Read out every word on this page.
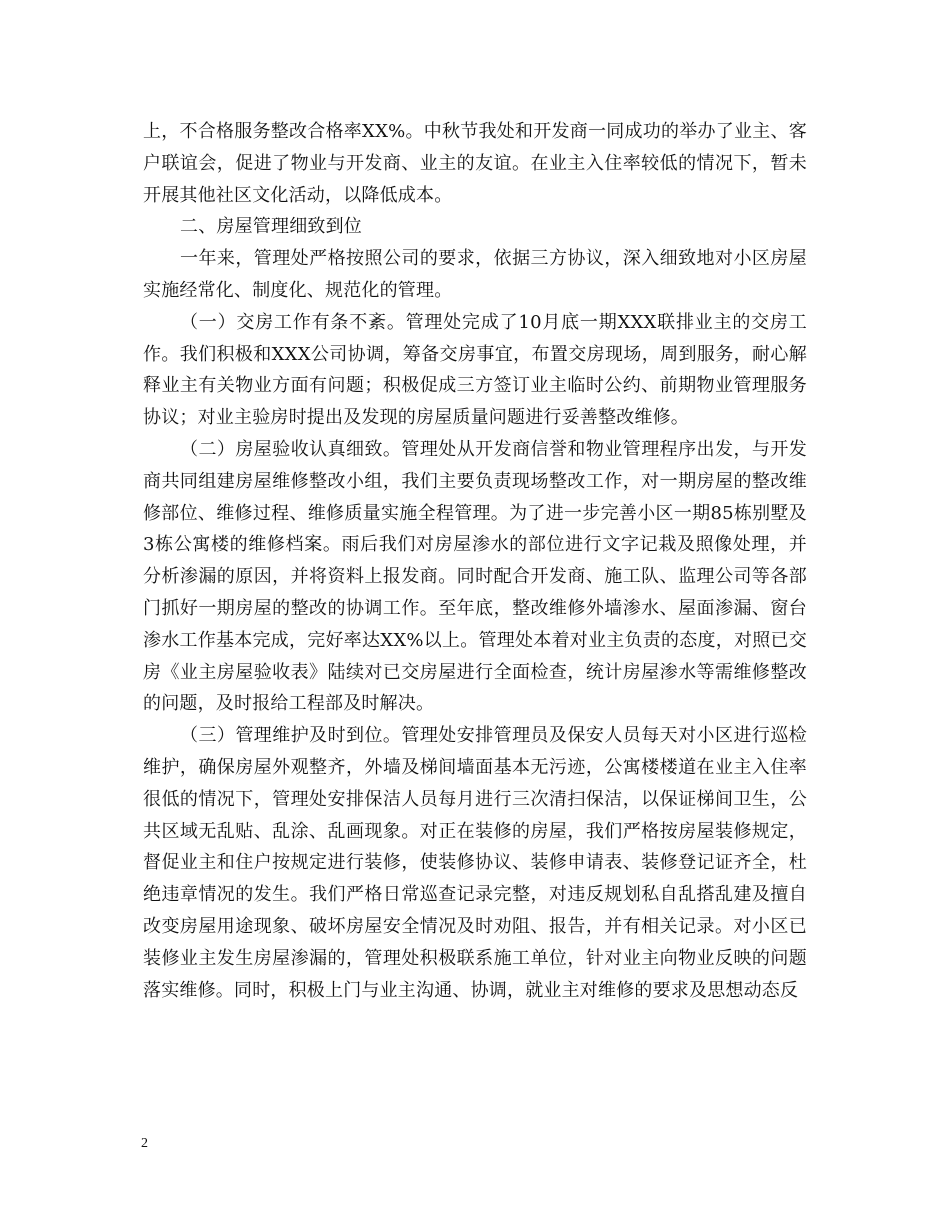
上，不合格服务整改合格率XX%。中秋节我处和开发商一同成功的举办了业主、客户联谊会，促进了物业与开发商、业主的友谊。在业主入住率较低的情况下，暂未开展其他社区文化活动，以降低成本。

二、房屋管理细致到位

一年来，管理处严格按照公司的要求，依据三方协议，深入细致地对小区房屋实施经常化、制度化、规范化的管理。

（一）交房工作有条不紊。管理处完成了10月底一期XXX联排业主的交房工作。我们积极和XXX公司协调，筹备交房事宜，布置交房现场，周到服务，耐心解释业主有关物业方面有问题；积极促成三方签订业主临时公约、前期物业管理服务协议；对业主验房时提出及发现的房屋质量问题进行妥善整改维修。

（二）房屋验收认真细致。管理处从开发商信誉和物业管理程序出发，与开发商共同组建房屋维修整改小组，我们主要负责现场整改工作，对一期房屋的整改维修部位、维修过程、维修质量实施全程管理。为了进一步完善小区一期85栋别墅及3栋公寓楼的维修档案。雨后我们对房屋渗水的部位进行文字记栽及照像处理，并分析渗漏的原因，并将资料上报发商。同时配合开发商、施工队、监理公司等各部门抓好一期房屋的整改的协调工作。至年底，整改维修外墙渗水、屋面渗漏、窗台渗水工作基本完成，完好率达XX%以上。管理处本着对业主负责的态度，对照已交房《业主房屋验收表》陆续对已交房屋进行全面检查，统计房屋渗水等需维修整改的问题，及时报给工程部及时解决。

（三）管理维护及时到位。管理处安排管理员及保安人员每天对小区进行巡检维护，确保房屋外观整齐，外墙及梯间墙面基本无污迹，公寓楼楼道在业主入住率很低的情况下，管理处安排保洁人员每月进行三次清扫保洁，以保证梯间卫生，公共区域无乱贴、乱涂、乱画现象。对正在装修的房屋，我们严格按房屋装修规定，督促业主和住户按规定进行装修，使装修协议、装修申请表、装修登记证齐全，杜绝违章情况的发生。我们严格日常巡查记录完整，对违反规划私自乱搭乱建及擅自改变房屋用途现象、破坏房屋安全情况及时劝阻、报告，并有相关记录。对小区已装修业主发生房屋渗漏的，管理处积极联系施工单位，针对业主向物业反映的问题落实维修。同时，积极上门与业主沟通、协调，就业主对维修的要求及思想动态反

2
